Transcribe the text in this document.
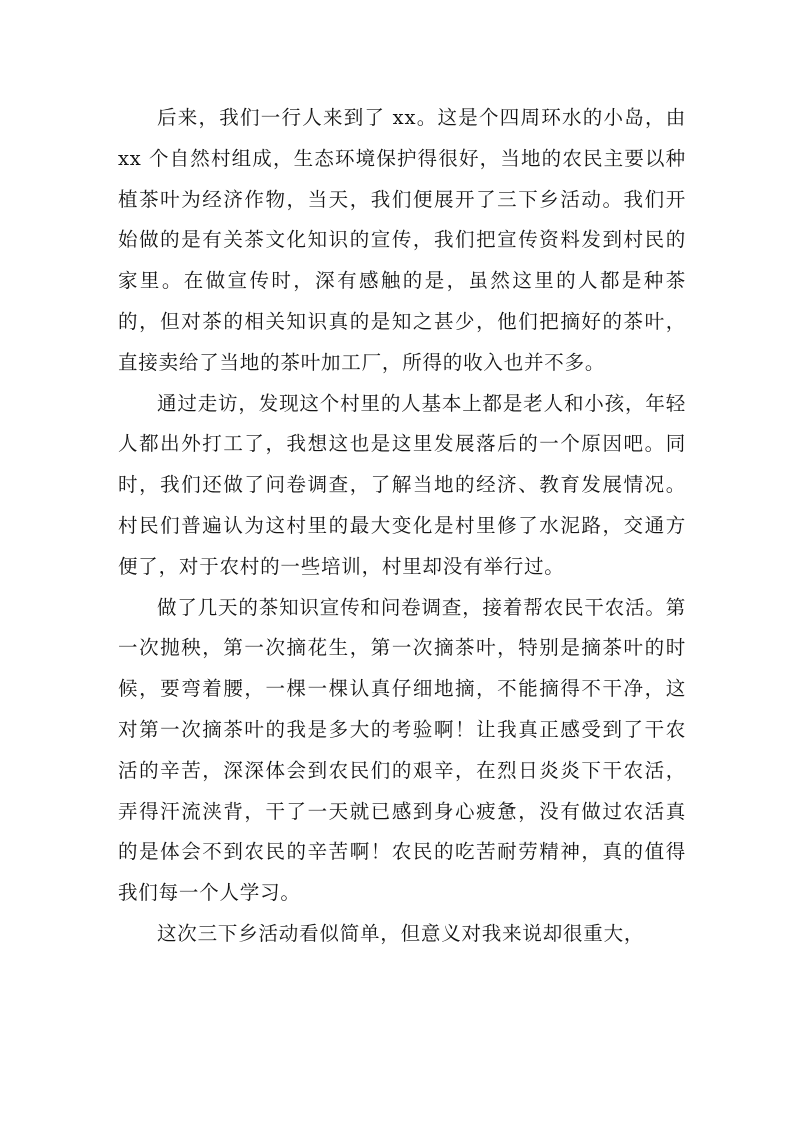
后来，我们一行人来到了 xx。这是个四周环水的小岛，由 xx 个自然村组成，生态环境保护得很好，当地的农民主要以种植茶叶为经济作物，当天，我们便展开了三下乡活动。我们开始做的是有关茶文化知识的宣传，我们把宣传资料发到村民的家里。在做宣传时，深有感触的是，虽然这里的人都是种茶的，但对茶的相关知识真的是知之甚少，他们把摘好的茶叶，直接卖给了当地的茶叶加工厂，所得的收入也并不多。

通过走访，发现这个村里的人基本上都是老人和小孩，年轻人都出外打工了，我想这也是这里发展落后的一个原因吧。同时，我们还做了问卷调查，了解当地的经济、教育发展情况。村民们普遍认为这村里的最大变化是村里修了水泥路，交通方便了，对于农村的一些培训，村里却没有举行过。

做了几天的茶知识宣传和问卷调查，接着帮农民干农活。第一次抛秧，第一次摘花生，第一次摘茶叶，特别是摘茶叶的时候，要弯着腰，一棵一棵认真仔细地摘，不能摘得不干净，这对第一次摘茶叶的我是多大的考验啊！让我真正感受到了干农活的辛苦，深深体会到农民们的艰辛，在烈日炎炎下干农活，弄得汗流浃背，干了一天就已感到身心疲惫，没有做过农活真的是体会不到农民的辛苦啊！农民的吃苦耐劳精神，真的值得我们每一个人学习。

这次三下乡活动看似简单，但意义对我来说却很重大，
